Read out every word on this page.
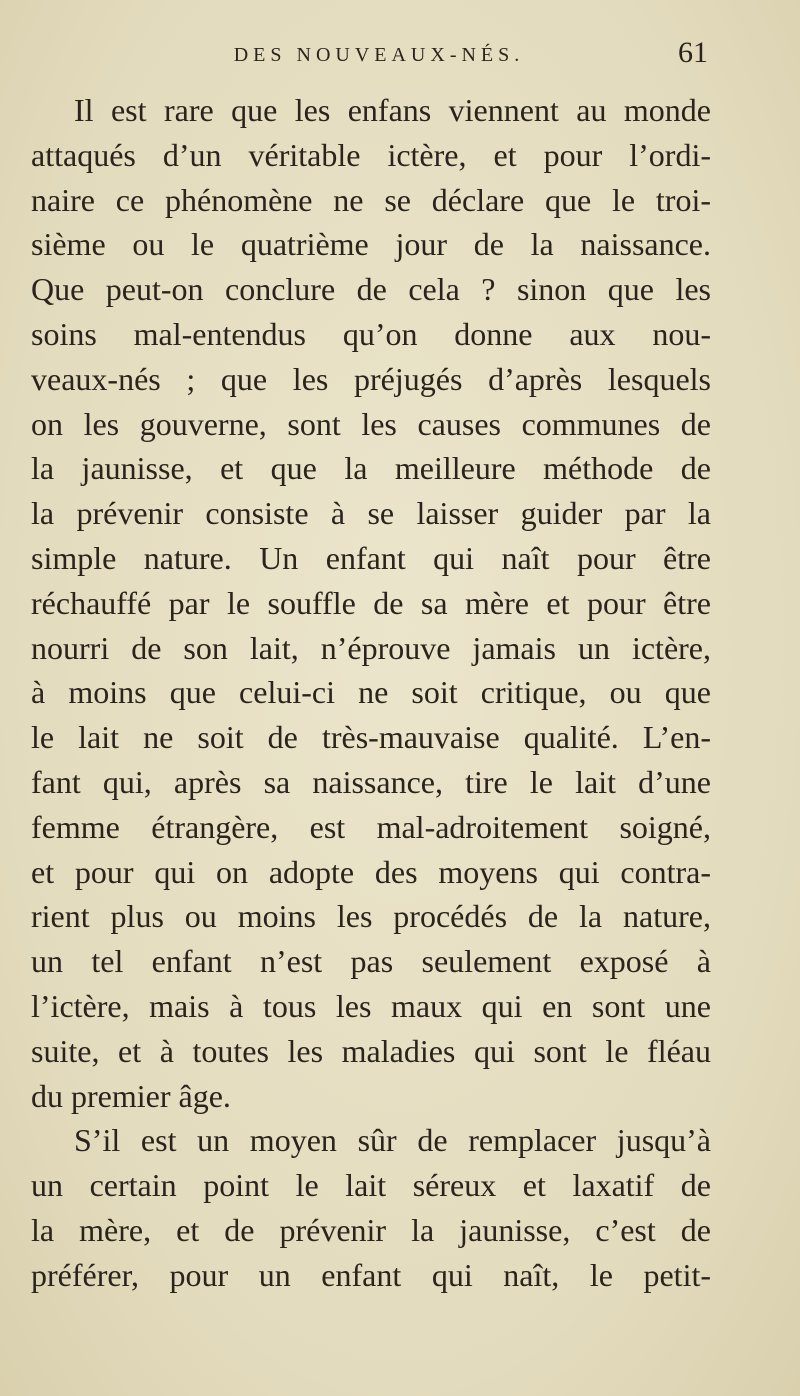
DES NOUVEAUX-NÉS.	61
Il est rare que les enfans viennent au monde
attaqués d’un véritable ictère, et pour l’ordi-
naire ce phénomène ne se déclare que le troi-
sième ou le quatrième jour de la naissance.
Que peut-on conclure de cela ? sinon que les
soins mal-entendus qu’on donne aux nou-
veaux-nés ; que les préjugés d’après lesquels
on les gouverne, sont les causes communes de
la jaunisse, et que la meilleure méthode de
la prévenir consiste à se laisser guider par la
simple nature. Un enfant qui naît pour être
réchauffé par le souffle de sa mère et pour être
nourri de son lait, n’éprouve jamais un ictère,
à moins que celui-ci ne soit critique, ou que
le lait ne soit de très-mauvaise qualité. L’en-
fant qui, après sa naissance, tire le lait d’une
femme étrangère, est mal-adroitement soigné,
et pour qui on adopte des moyens qui contra-
rient plus ou moins les procédés de la nature,
un tel enfant n’est pas seulement exposé à
l’ictère, mais à tous les maux qui en sont une
suite, et à toutes les maladies qui sont le fléau
du premier âge.
S’il est un moyen sûr de remplacer jusqu’à
un certain point le lait séreux et laxatif de
la mère, et de prévenir la jaunisse, c’est de
préférer, pour un enfant qui naît, le petit-
